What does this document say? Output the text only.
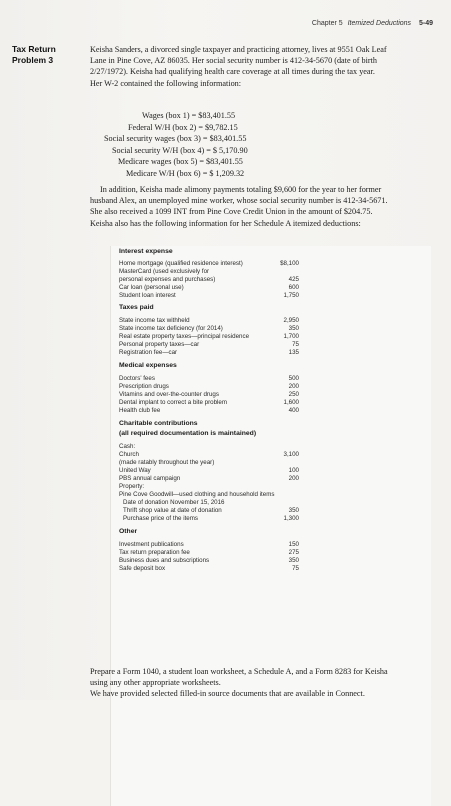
Chapter 5 Itemized Deductions 5-49
Tax Return
Problem 3
Keisha Sanders, a divorced single taxpayer and practicing attorney, lives at 9551 Oak Leaf
Lane in Pine Cove, AZ 86035. Her social security number is 412-34-5670 (date of birth
2/27/1972). Keisha had qualifying health care coverage at all times during the tax year.
Her W-2 contained the following information:
Wages (box 1) = $83,401.55
Federal W/H (box 2) = $9,782.15
Social security wages (box 3) = $83,401.55
Social security W/H (box 4) = $ 5,170.90
Medicare wages (box 5) = $83,401.55
Medicare W/H (box 6) = $ 1,209.32
In addition, Keisha made alimony payments totaling $9,600 for the year to her former
husband Alex, an unemployed mine worker, whose social security number is 412-34-5671.
She also received a 1099 INT from Pine Cove Credit Union in the amount of $204.75.
Keisha also has the following information for her Schedule A itemized deductions:
Interest expense
Home mortgage (qualified residence interest)	$8,100
MasterCard (used exclusively for
personal expenses and purchases)	425
Car loan (personal use)	600
Student loan interest	1,750
Taxes paid
State income tax withheld	2,950
State income tax deficiency (for 2014)	350
Real estate property taxes—principal residence	1,700
Personal property taxes—car	75
Registration fee—car	135
Medical expenses
Doctors' fees	500
Prescription drugs	200
Vitamins and over-the-counter drugs	250
Dental implant to correct a bite problem	1,600
Health club fee	400
Charitable contributions
(all required documentation is maintained)
Cash:
Church	3,100
(made ratably throughout the year)
United Way	100
PBS annual campaign	200
Property:
Pine Cove Goodwill—used clothing and household items
Date of donation November 15, 2016
Thrift shop value at date of donation	350
Purchase price of the items	1,300
Other
Investment publications	150
Tax return preparation fee	275
Business dues and subscriptions	350
Safe deposit box	75
Prepare a Form 1040, a student loan worksheet, a Schedule A, and a Form 8283 for Keisha
using any other appropriate worksheets.
We have provided selected filled-in source documents that are available in Connect.
